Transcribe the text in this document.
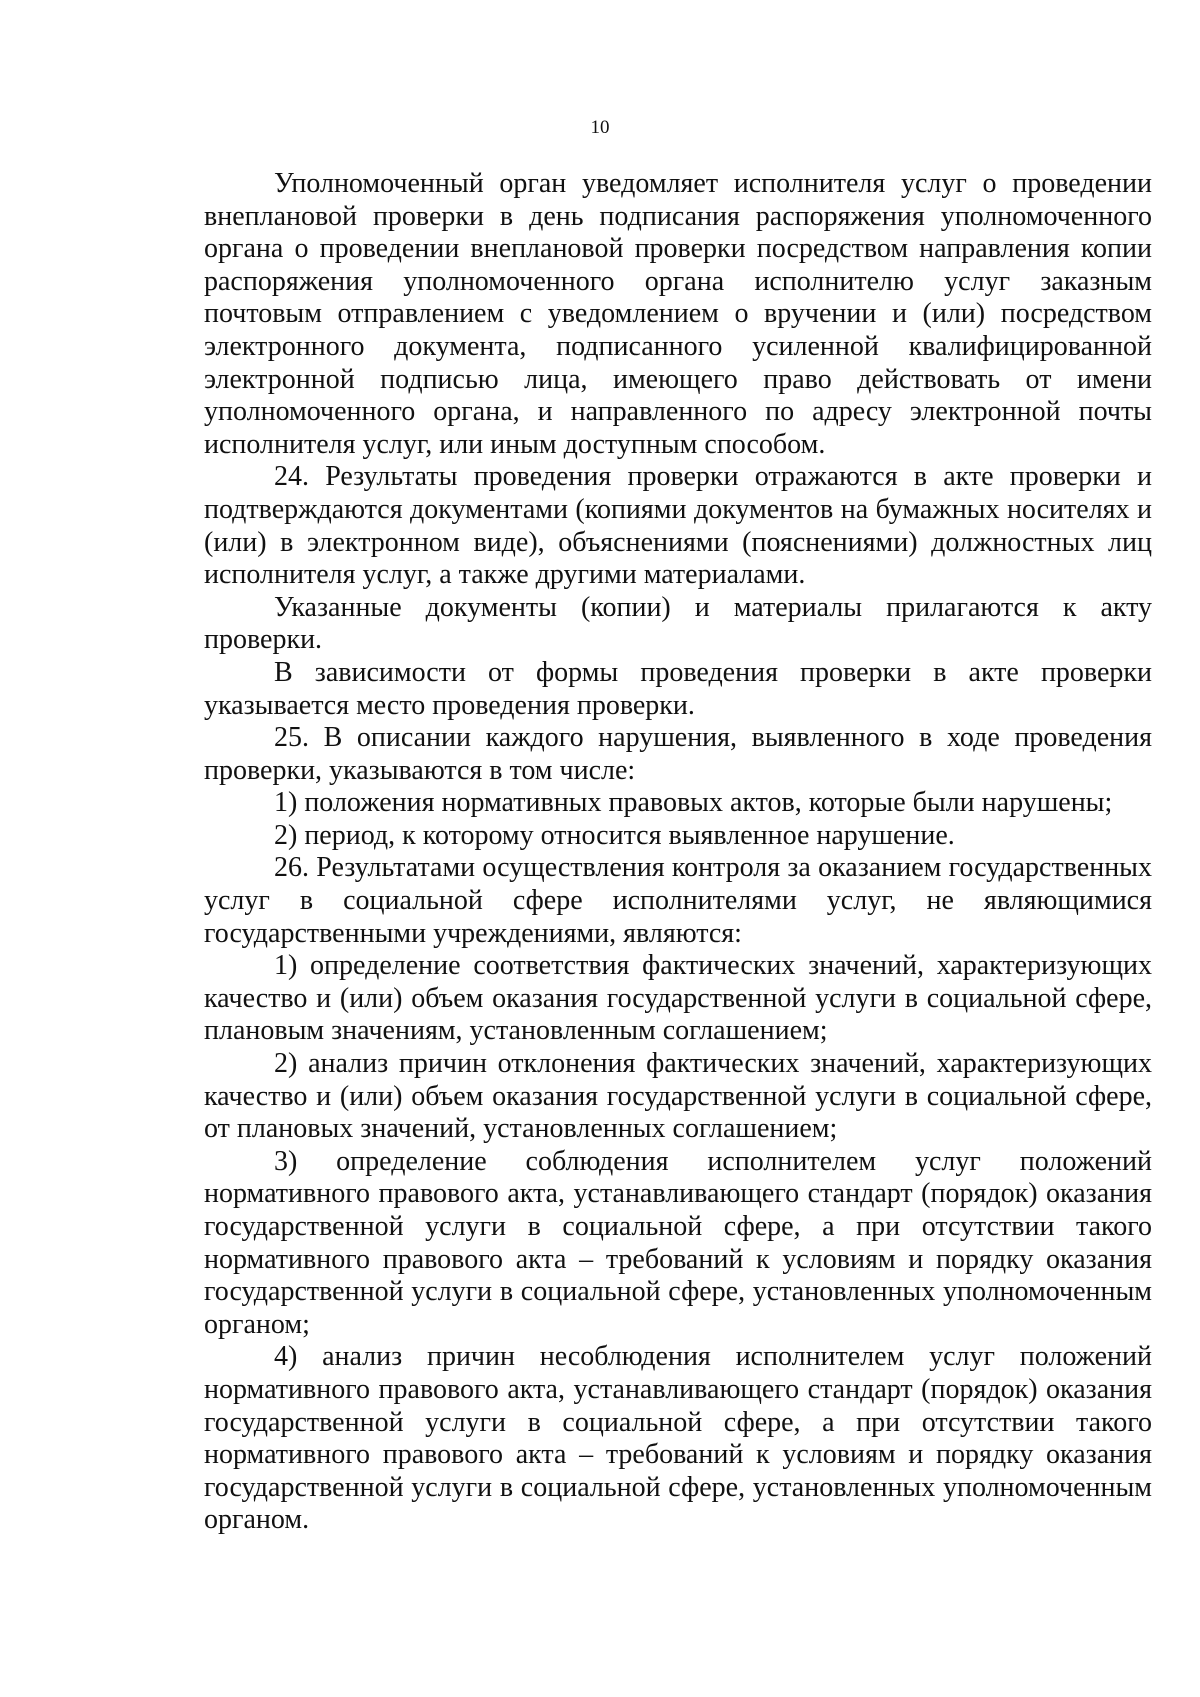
10

Уполномоченный орган уведомляет исполнителя услуг о проведении внеплановой проверки в день подписания распоряжения уполномоченного органа о проведении внеплановой проверки посредством направления копии распоряжения уполномоченного органа исполнителю услуг заказным почтовым отправлением с уведомлением о вручении и (или) посредством электронного документа, подписанного усиленной квалифицированной электронной подписью лица, имеющего право действовать от имени уполномоченного органа, и направленного по адресу электронной почты исполнителя услуг, или иным доступным способом.

24. Результаты проведения проверки отражаются в акте проверки и подтверждаются документами (копиями документов на бумажных носителях и (или) в электронном виде), объяснениями (пояснениями) должностных лиц исполнителя услуг, а также другими материалами.

Указанные документы (копии) и материалы прилагаются к акту проверки.

В зависимости от формы проведения проверки в акте проверки указывается место проведения проверки.

25. В описании каждого нарушения, выявленного в ходе проведения проверки, указываются в том числе:

1) положения нормативных правовых актов, которые были нарушены;

2) период, к которому относится выявленное нарушение.

26. Результатами осуществления контроля за оказанием государственных услуг в социальной сфере исполнителями услуг, не являющимися государственными учреждениями, являются:

1) определение соответствия фактических значений, характеризующих качество и (или) объем оказания государственной услуги в социальной сфере, плановым значениям, установленным соглашением;

2) анализ причин отклонения фактических значений, характеризующих качество и (или) объем оказания государственной услуги в социальной сфере, от плановых значений, установленных соглашением;

3) определение соблюдения исполнителем услуг положений нормативного правового акта, устанавливающего стандарт (порядок) оказания государственной услуги в социальной сфере, а при отсутствии такого нормативного правового акта – требований к условиям и порядку оказания государственной услуги в социальной сфере, установленных уполномоченным органом;

4) анализ причин несоблюдения исполнителем услуг положений нормативного правового акта, устанавливающего стандарт (порядок) оказания государственной услуги в социальной сфере, а при отсутствии такого нормативного правового акта – требований к условиям и порядку оказания государственной услуги в социальной сфере, установленных уполномоченным органом.
